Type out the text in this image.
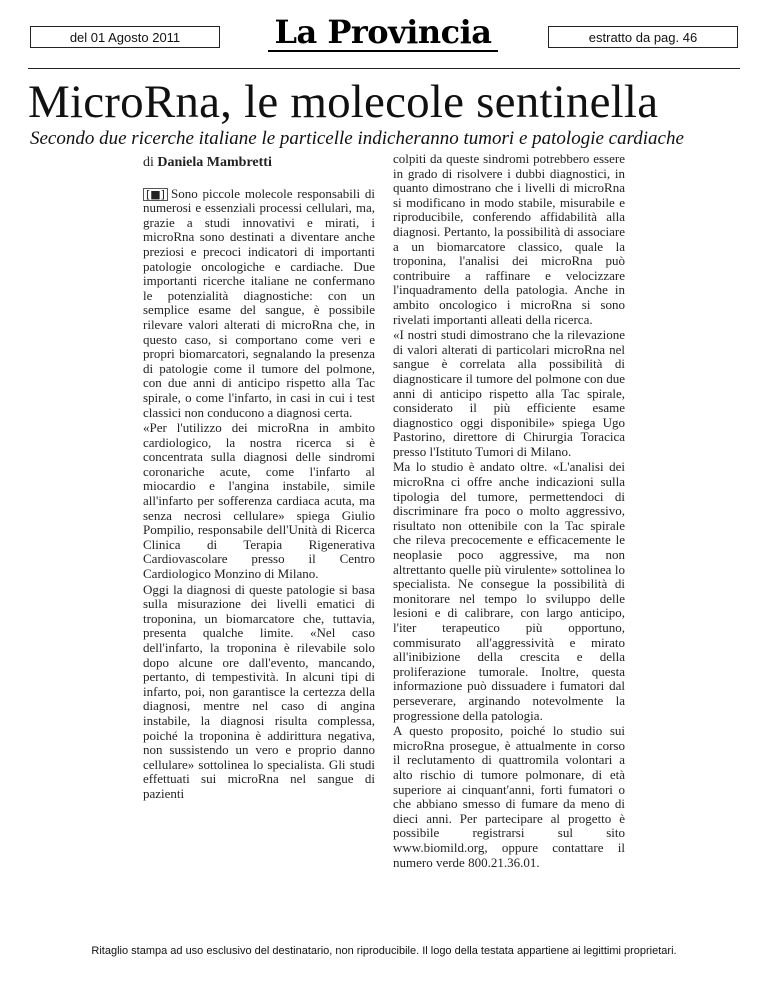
del 01 Agosto 2011	La Provincia	estratto da pag. 46
MicroRna, le molecole sentinella
Secondo due ricerche italiane le particelle indicheranno tumori e patologie cardiache
di Daniela Mambretti

[■] Sono piccole molecole responsabili di numerosi e essenziali processi cellulari, ma, grazie a studi innovativi e mirati, i microRna sono destinati a diventare anche preziosi e precoci indicatori di importanti patologie oncologiche e cardiache. Due importanti ricerche italiane ne confermano le potenzialità diagnostiche: con un semplice esame del sangue, è possibile rilevare valori alterati di microRna che, in questo caso, si comportano come veri e propri biomarcatori, segnalando la presenza di patologie come il tumore del polmone, con due anni di anticipo rispetto alla Tac spirale, o come l'infarto, in casi in cui i test classici non conducono a diagnosi certa.

«Per l'utilizzo dei microRna in ambito cardiologico, la nostra ricerca si è concentrata sulla diagnosi delle sindromi coronariche acute, come l'infarto al miocardio e l'angina instabile, simile all'infarto per sofferenza cardiaca acuta, ma senza necrosi cellulare» spiega Giulio Pompilio, responsabile dell'Unità di Ricerca Clinica di Terapia Rigenerativa Cardiovascolare presso il Centro Cardiologico Monzino di Milano.

Oggi la diagnosi di queste patologie si basa sulla misurazione dei livelli ematici di troponina, un biomarcatore che, tuttavia, presenta qualche limite. «Nel caso dell'infarto, la troponina è rilevabile solo dopo alcune ore dall'evento, mancando, pertanto, di tempestività. In alcuni tipi di infarto, poi, non garantisce la certezza della diagnosi, mentre nel caso di angina instabile, la diagnosi risulta complessa, poiché la troponina è addirittura negativa, non sussistendo un vero e proprio danno cellulare» sottolinea lo specialista. Gli studi effettuati sui microRna nel sangue di pazienti

colpiti da queste sindromi potrebbero essere in grado di risolvere i dubbi diagnostici, in quanto dimostrano che i livelli di microRna si modificano in modo stabile, misurabile e riproducibile, conferendo affidabilità alla diagnosi. Pertanto, la possibilità di associare a un biomarcatore classico, quale la troponina, l'analisi dei microRna può contribuire a raffinare e velocizzare l'inquadramento della patologia. Anche in ambito oncologico i microRna si sono rivelati importanti alleati della ricerca.

«I nostri studi dimostrano che la rilevazione di valori alterati di particolari microRna nel sangue è correlata alla possibilità di diagnosticare il tumore del polmone con due anni di anticipo rispetto alla Tac spirale, considerato il più efficiente esame diagnostico oggi disponibile» spiega Ugo Pastorino, direttore di Chirurgia Toracica presso l'Istituto Tumori di Milano.

Ma lo studio è andato oltre. «L'analisi dei microRna ci offre anche indicazioni sulla tipologia del tumore, permettendoci di discriminare fra poco o molto aggressivo, risultato non ottenibile con la Tac spirale che rileva precocemente e efficacemente le neoplasie poco aggressive, ma non altrettanto quelle più virulente» sottolinea lo specialista. Ne consegue la possibilità di monitorare nel tempo lo sviluppo delle lesioni e di calibrare, con largo anticipo, l'iter terapeutico più opportuno, commisurato all'aggressività e mirato all'inibizione della crescita e della proliferazione tumorale. Inoltre, questa informazione può dissuadere i fumatori dal perseverare, arginando notevolmente la progressione della patologia.

A questo proposito, poiché lo studio sui microRna prosegue, è attualmente in corso il reclutamento di quattromila volontari a alto rischio di tumore polmonare, di età superiore ai cinquant'anni, forti fumatori o che abbiano smesso di fumare da meno di dieci anni. Per partecipare al progetto è possibile registrarsi sul sito www.biomild.org, oppure contattare il numero verde 800.21.36.01.

Ritaglio stampa ad uso esclusivo del destinatario, non riproducibile. Il logo della testata appartiene ai legittimi proprietari.
